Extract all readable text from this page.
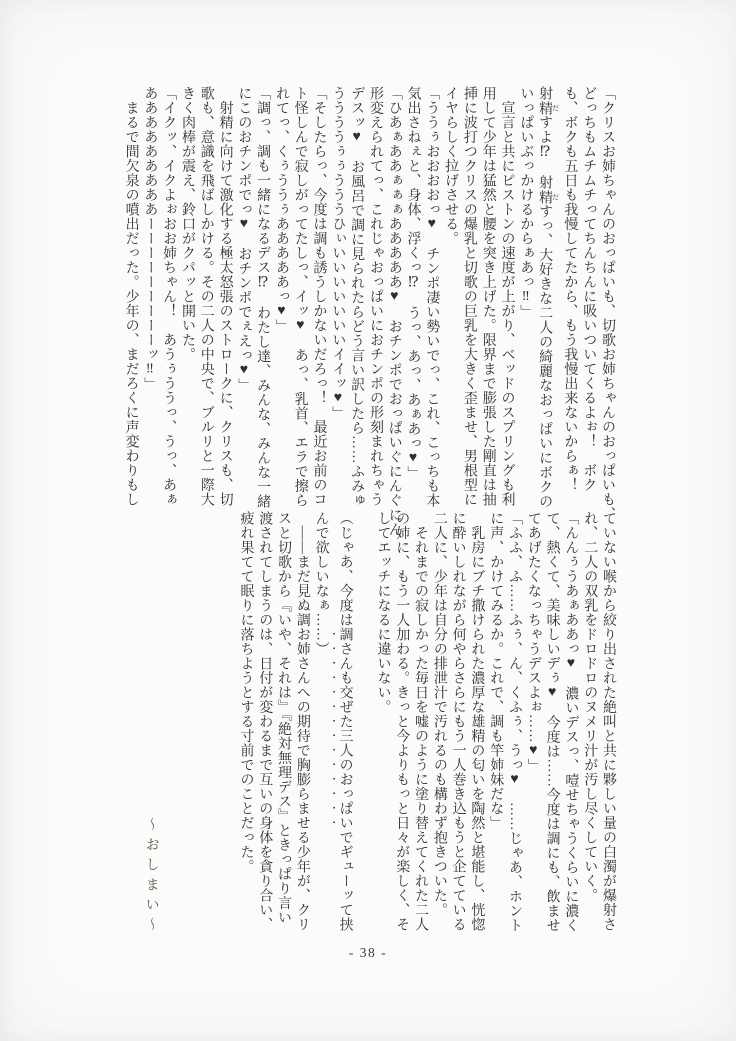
「クリスお姉ちゃんのおっぱいも、切歌お姉ちゃんのおっぱいも、

どっちもムチムチってちんちんに吸いついてくるよぉ！　ボク

も、ボクも五日も我慢してたから、もう我慢出来ないからぁ！

射精 だすよ⁉　射精 だすっ、大好きな二人の綺麗なおっぱいにボクの

いっぱいぶっかけるからぁあっ‼」

　宣言と共にピストンの速度が上がり、ベッドのスプリングも利

用して少年は猛然と腰を突き上げた。限界まで膨張した剛直は抽

挿に波打つクリスの爆乳と切歌の巨乳を大きく歪ませ、男根型に

イヤらしく拉げさせる。

「ううぅおおおおっ♥　チンポ凄い勢いでっ、これ、こっちも本

気出さねぇと、身体、浮くっ⁉　うっ、あっ、あぁあっ♥」

「ひあぁああぁぁぁあああああ♥　おチンポでおっぱいぐにんぐにん

形変えられてっ、これじゃおっぱいにおチンポの形刻まれちゃう

デスッ♥　お風呂で調に見られたらどう言い訳したら……ふみゅ

ううううぅぅうううひぃいいいいいいいイイッ♥」

「そしたらっ、今度は調も誘うしかないだろっ！　最近お前のコ

ト怪しんで寂しがってたしっ、イッ♥　あっ、乳首、エラで擦ら

れてっ、くぅううぅあああああっ♥」

「調っ、調も一緒になるデス⁉　わたし達、みんな、みんな一緒

にこのおチンポでっ♥　おチンポでぇえっ♥」

　射精に向けて激化する極太怒張のストロークに、クリスも、切

歌も、意識を飛ばしかける。その二人の中央で、ブルリと一際大

きく肉棒が震え、鈴口がクパッと開いた。

「イクッ、イクよぉおお姉ちゃん！　あうぅううっ、うっ、あぁ

あああああああああーーーーーーーーーッ‼」

　まるで間欠泉の噴出だった。少年の、まだろくに声変わりもし

ていない喉から絞り出された絶叫と共に夥しい量の白濁が爆射さ

れ、二人の双乳をドロドロのヌメリ汁が汚し尽くしていく。

「んんぅうあぁああっ♥　濃いデスっ、噎せちゃうくらいに濃く

て、熱くて、美味しいデぅ♥　今度は……今度は調にも、飲ませ

てあげたくなっちゃうデスよぉ……♥」

「ふふ、ふ……ふぅ、ん、くふぅ、うっ♥　……じゃあ、ホント

に声、かけてみるか。これで、調も竿姉妹だな」

　乳房にブチ撒けられた濃厚な雄精の匂いを陶然と堪能し、恍惚

に酔いしれながら何やらさらにもう一人巻き込もうと企てている

二人に、少年は自分の排泄汁で汚れるのも構わず抱きついた。

　それまでの寂しかった毎日を嘘のように塗り替えてくれた二人

の姉に、もう一人加わる。きっと今よりもっと日々が楽しく、そ

してエッチになるに違いない。

（じゃあ、今度は調さんも交ぜた三人のおっぱいでギューッて挟

んで欲しいなぁ……）

　――まだ見ぬ調お姉さんへの期待で胸膨らませる少年が、クリ

スと切歌から『いや、それは』『絶対無理デス』ときっぱり言い

渡されてしまうのは、日付が変わるまで互いの身体を貪り合い、

疲れ果てて眠りに落ちようとする寸前でのことだった。

～おしまい～

- 38 -
